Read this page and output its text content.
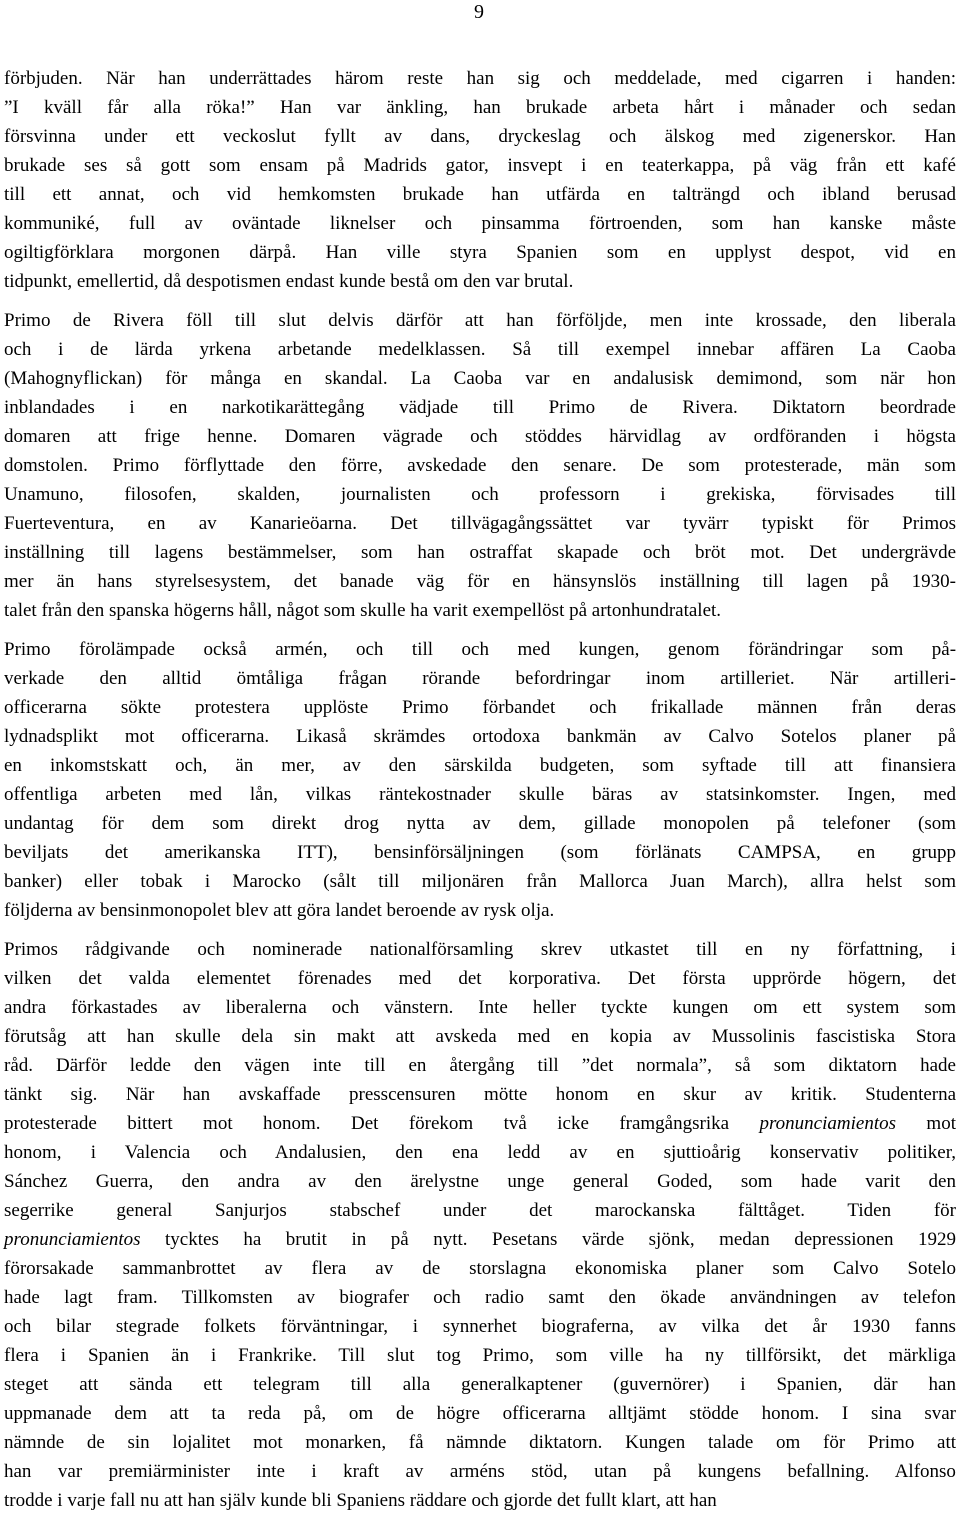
9
förbjuden. När han underrättades härom reste han sig och meddelade, med cigarren i handen:
”I kväll får alla röka!” Han var änkling, han brukade arbeta hårt i månader och sedan
försvinna under ett veckoslut fyllt av dans, dryckeslag och älskog med zigenerskor. Han
brukade ses så gott som ensam på Madrids gator, insvept i en teaterkappa, på väg från ett kafé
till ett annat, och vid hemkomsten brukade han utfärda en talträngd och ibland berusad
kommuniké, full av oväntade liknelser och pinsamma förtroenden, som han kanske måste
ogiltigförklara morgonen därpå. Han ville styra Spanien som en upplyst despot, vid en
tidpunkt, emellertid, då despotismen endast kunde bestå om den var brutal.
Primo de Rivera föll till slut delvis därför att han förföljde, men inte krossade, den liberala
och i de lärda yrkena arbetande medelklassen. Så till exempel innebar affären La Caoba
(Mahognyflickan) för många en skandal. La Caoba var en andalusisk demimond, som när hon
inblandades i en narkotikarättegång vädjade till Primo de Rivera. Diktatorn beordrade
domaren att frige henne. Domaren vägrade och stöddes härvidlag av ordföranden i högsta
domstolen. Primo förflyttade den förre, avskedade den senare. De som protesterade, män som
Unamuno, filosofen, skalden, journalisten och professorn i grekiska, förvisades till
Fuerteventura, en av Kanarieöarna. Det tillvägagångssättet var tyvärr typiskt för Primos
inställning till lagens bestämmelser, som han ostraffat skapade och bröt mot. Det undergrävde
mer än hans styrelsesystem, det banade väg för en hänsynslös inställning till lagen på 1930-
talet från den spanska högerns håll, något som skulle ha varit exempellöst på artonhundratalet.
Primo förolämpade också armén, och till och med kungen, genom förändringar som på-
verkade den alltid ömtåliga frågan rörande befordringar inom artilleriet. När artilleri-
officerarna sökte protestera upplöste Primo förbandet och frikallade männen från deras
lydnadsplikt mot officerarna. Likaså skrämdes ortodoxa bankmän av Calvo Sotelos planer på
en inkomstskatt och, än mer, av den särskilda budgeten, som syftade till att finansiera
offentliga arbeten med lån, vilkas räntekostnader skulle bäras av statsinkomster. Ingen, med
undantag för dem som direkt drog nytta av dem, gillade monopolen på telefoner (som
beviljats det amerikanska ITT), bensinförsäljningen (som förlänats CAMPSA, en grupp
banker) eller tobak i Marocko (sålt till miljonären från Mallorca Juan March), allra helst som
följderna av bensinmonopolet blev att göra landet beroende av rysk olja.
Primos rådgivande och nominerade nationalförsamling skrev utkastet till en ny författning, i
vilken det valda elementet förenades med det korporativa. Det första upprörde högern, det
andra förkastades av liberalerna och vänstern. Inte heller tyckte kungen om ett system som
förutsåg att han skulle dela sin makt att avskeda med en kopia av Mussolinis fascistiska Stora
råd. Därför ledde den vägen inte till en återgång till ”det normala”, så som diktatorn hade
tänkt sig. När han avskaffade presscensuren mötte honom en skur av kritik. Studenterna
protesterade bittert mot honom. Det förekom två icke framgångsrika pronunciamientos mot
honom, i Valencia och Andalusien, den ena ledd av en sjuttioårig konservativ politiker,
Sánchez Guerra, den andra av den ärelystne unge general Goded, som hade varit den
segerrike general Sanjurjos stabschef under det marockanska fälttåget. Tiden för
pronunciamientos tycktes ha brutit in på nytt. Pesetans värde sjönk, medan depressionen 1929
förorsakade sammanbrottet av flera av de storslagna ekonomiska planer som Calvo Sotelo
hade lagt fram. Tillkomsten av biografer och radio samt den ökade användningen av telefon
och bilar stegrade folkets förväntningar, i synnerhet biograferna, av vilka det år 1930 fanns
flera i Spanien än i Frankrike. Till slut tog Primo, som ville ha ny tillförsikt, det märkliga
steget att sända ett telegram till alla generalkaptener (guvernörer) i Spanien, där han
uppmanade dem att ta reda på, om de högre officerarna alltjämt stödde honom. I sina svar
nämnde de sin lojalitet mot monarken, få nämnde diktatorn. Kungen talade om för Primo att
han var premiärminister inte i kraft av arméns stöd, utan på kungens befallning. Alfonso
trodde i varje fall nu att han själv kunde bli Spaniens räddare och gjorde det fullt klart, att han
